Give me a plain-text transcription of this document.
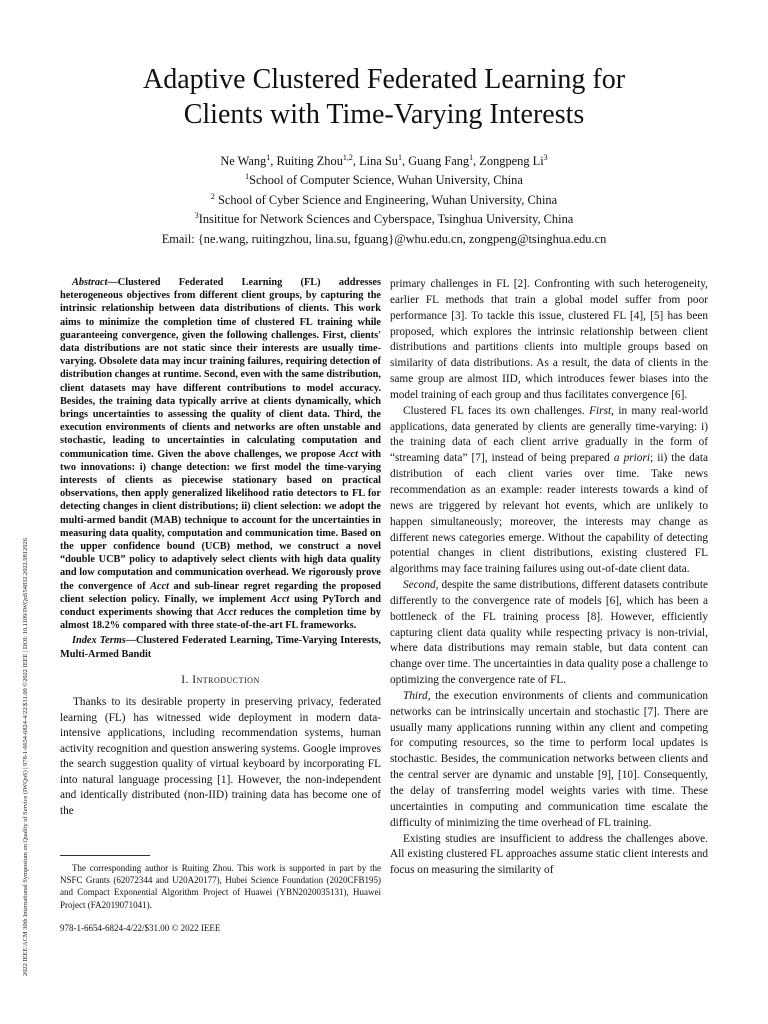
2022 IEEE/ACM 30th International Symposium on Quality of Service (IWQoS) | 978-1-6654-6824-4/22/$31.00 ©2022 IEEE | DOI: 10.1109/IWQoS54832.2022.9812926
Adaptive Clustered Federated Learning for
Clients with Time-Varying Interests
Ne Wang$^1$, Ruiting Zhou$^{1,2}$, Lina Su$^1$, Guang Fang$^1$, Zongpeng Li$^3$
$^1$School of Computer Science, Wuhan University, China
$^2$ School of Cyber Science and Engineering, Wuhan University, China
$^3$Insititue for Network Sciences and Cyberspace, Tsinghua University, China
Email: {ne.wang, ruitingzhou, lina.su, fguang}@whu.edu.cn, zongpeng@tsinghua.edu.cn

Abstract—Clustered Federated Learning (FL) addresses heterogeneous objectives from different client groups, by capturing the intrinsic relationship between data distributions of clients. This work aims to minimize the completion time of clustered FL training while guaranteeing convergence, given the following challenges. First, clients' data distributions are not static since their interests are usually time-varying. Obsolete data may incur training failures, requiring detection of distribution changes at runtime. Second, even with the same distribution, client datasets may have different contributions to model accuracy. Besides, the training data typically arrive at clients dynamically, which brings uncertainties to assessing the quality of client data. Third, the execution environments of clients and networks are often unstable and stochastic, leading to uncertainties in calculating computation and communication time. Given the above challenges, we propose Acct with two innovations: i) change detection: we first model the time-varying interests of clients as piecewise stationary based on practical observations, then apply generalized likelihood ratio detectors to FL for detecting changes in client distributions; ii) client selection: we adopt the multi-armed bandit (MAB) technique to account for the uncertainties in measuring data quality, computation and communication time. Based on the upper confidence bound (UCB) method, we construct a novel “double UCB” policy to adaptively select clients with high data quality and low computation and communication overhead. We rigorously prove the convergence of Acct and sub-linear regret regarding the proposed client selection policy. Finally, we implement Acct using PyTorch and conduct experiments showing that Acct reduces the completion time by almost 18.2% compared with three state-of-the-art FL frameworks.

Index Terms—Clustered Federated Learning, Time-Varying Interests, Multi-Armed Bandit

I. Introduction

Thanks to its desirable property in preserving privacy, federated learning (FL) has witnessed wide deployment in modern data-intensive applications, including recommendation systems, human activity recognition and question answering systems. Google improves the search suggestion quality of virtual keyboard by incorporating FL into natural language processing [1]. However, the non-independent and identically distributed (non-IID) training data has become one of the

The corresponding author is Ruiting Zhou. This work is supported in part by the NSFC Grants (62072344 and U20A20177), Hubei Science Foundation (2020CFB195) and Compact Exponential Algorithm Project of Huawei (YBN2020035131), Huawei Project (FA2019071041).
978-1-6654-6824-4/22/$31.00 © 2022 IEEE

primary challenges in FL [2]. Confronting with such heterogeneity, earlier FL methods that train a global model suffer from poor performance [3]. To tackle this issue, clustered FL [4], [5] has been proposed, which explores the intrinsic relationship between client distributions and partitions clients into multiple groups based on similarity of data distributions. As a result, the data of clients in the same group are almost IID, which introduces fewer biases into the model training of each group and thus facilitates convergence [6].

Clustered FL faces its own challenges. First, in many real-world applications, data generated by clients are generally time-varying: i) the training data of each client arrive gradually in the form of “streaming data” [7], instead of being prepared a priori; ii) the data distribution of each client varies over time. Take news recommendation as an example: reader interests towards a kind of news are triggered by relevant hot events, which are unlikely to happen simultaneously; moreover, the interests may change as different news categories emerge. Without the capability of detecting potential changes in client distributions, existing clustered FL algorithms may face training failures using out-of-date client data.

Second, despite the same distributions, different datasets contribute differently to the convergence rate of models [6], which has been a bottleneck of the FL training process [8]. However, efficiently capturing client data quality while respecting privacy is non-trivial, where data distributions may remain stable, but data content can change over time. The uncertainties in data quality pose a challenge to optimizing the convergence rate of FL.

Third, the execution environments of clients and communication networks can be intrinsically uncertain and stochastic [7]. There are usually many applications running within any client and competing for computing resources, so the time to perform local updates is stochastic. Besides, the communication networks between clients and the central server are dynamic and unstable [9], [10]. Consequently, the delay of transferring model weights varies with time. These uncertainties in computing and communication time escalate the difficulty of minimizing the time overhead of FL training.

Existing studies are insufficient to address the challenges above. All existing clustered FL approaches assume static client interests and focus on measuring the similarity of
